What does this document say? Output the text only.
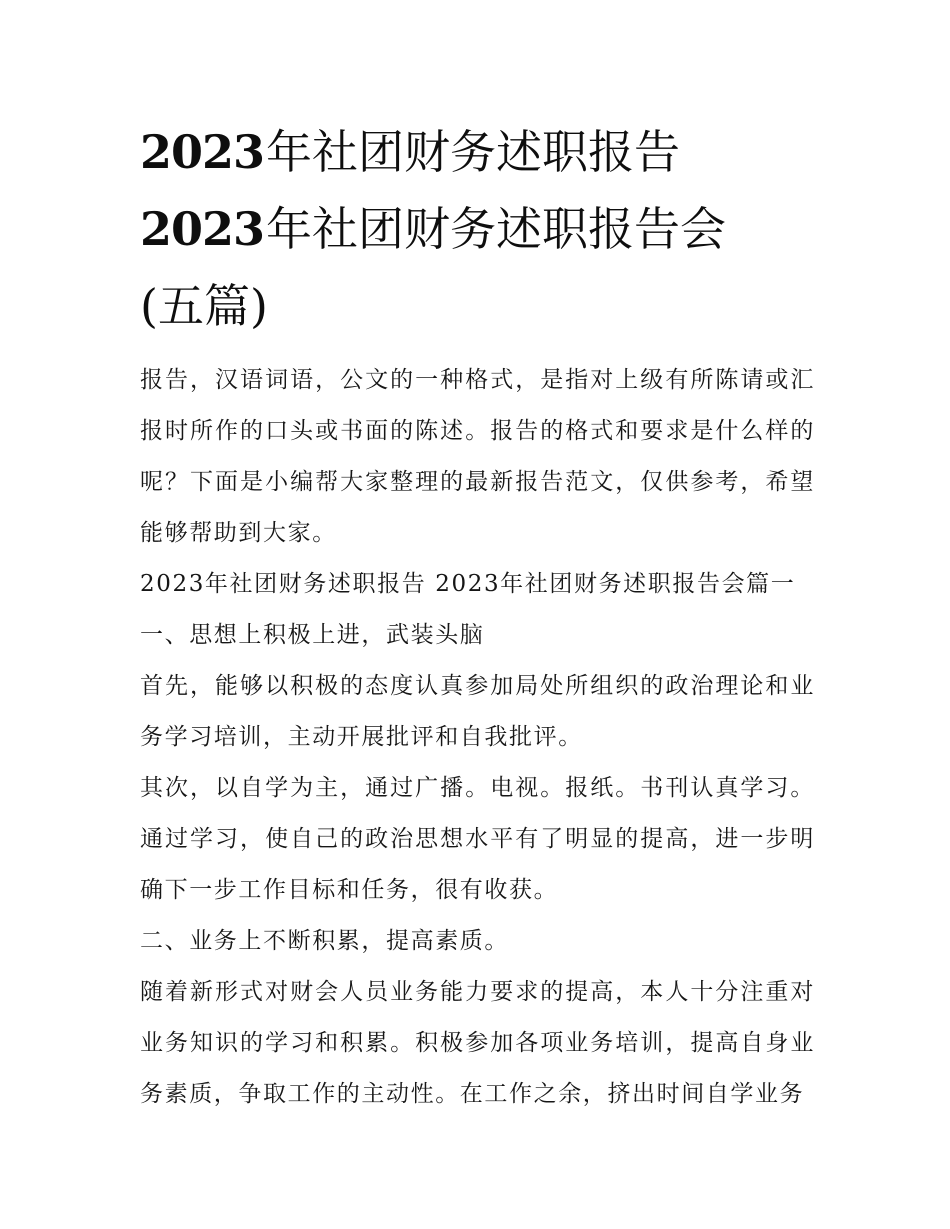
2023年社团财务述职报告
2023年社团财务述职报告会
(五篇)

报告，汉语词语，公文的一种格式，是指对上级有所陈请或汇报时所作的口头或书面的陈述。报告的格式和要求是什么样的呢？下面是小编帮大家整理的最新报告范文，仅供参考，希望能够帮助到大家。

2023年社团财务述职报告 2023年社团财务述职报告会篇一

一、思想上积极上进，武装头脑

首先，能够以积极的态度认真参加局处所组织的政治理论和业务学习培训，主动开展批评和自我批评。

其次，以自学为主，通过广播。电视。报纸。书刊认真学习。通过学习，使自己的政治思想水平有了明显的提高，进一步明确下一步工作目标和任务，很有收获。

二、业务上不断积累，提高素质。

随着新形式对财会人员业务能力要求的提高，本人十分注重对业务知识的学习和积累。积极参加各项业务培训，提高自身业务素质，争取工作的主动性。在工作之余，挤出时间自学业务
